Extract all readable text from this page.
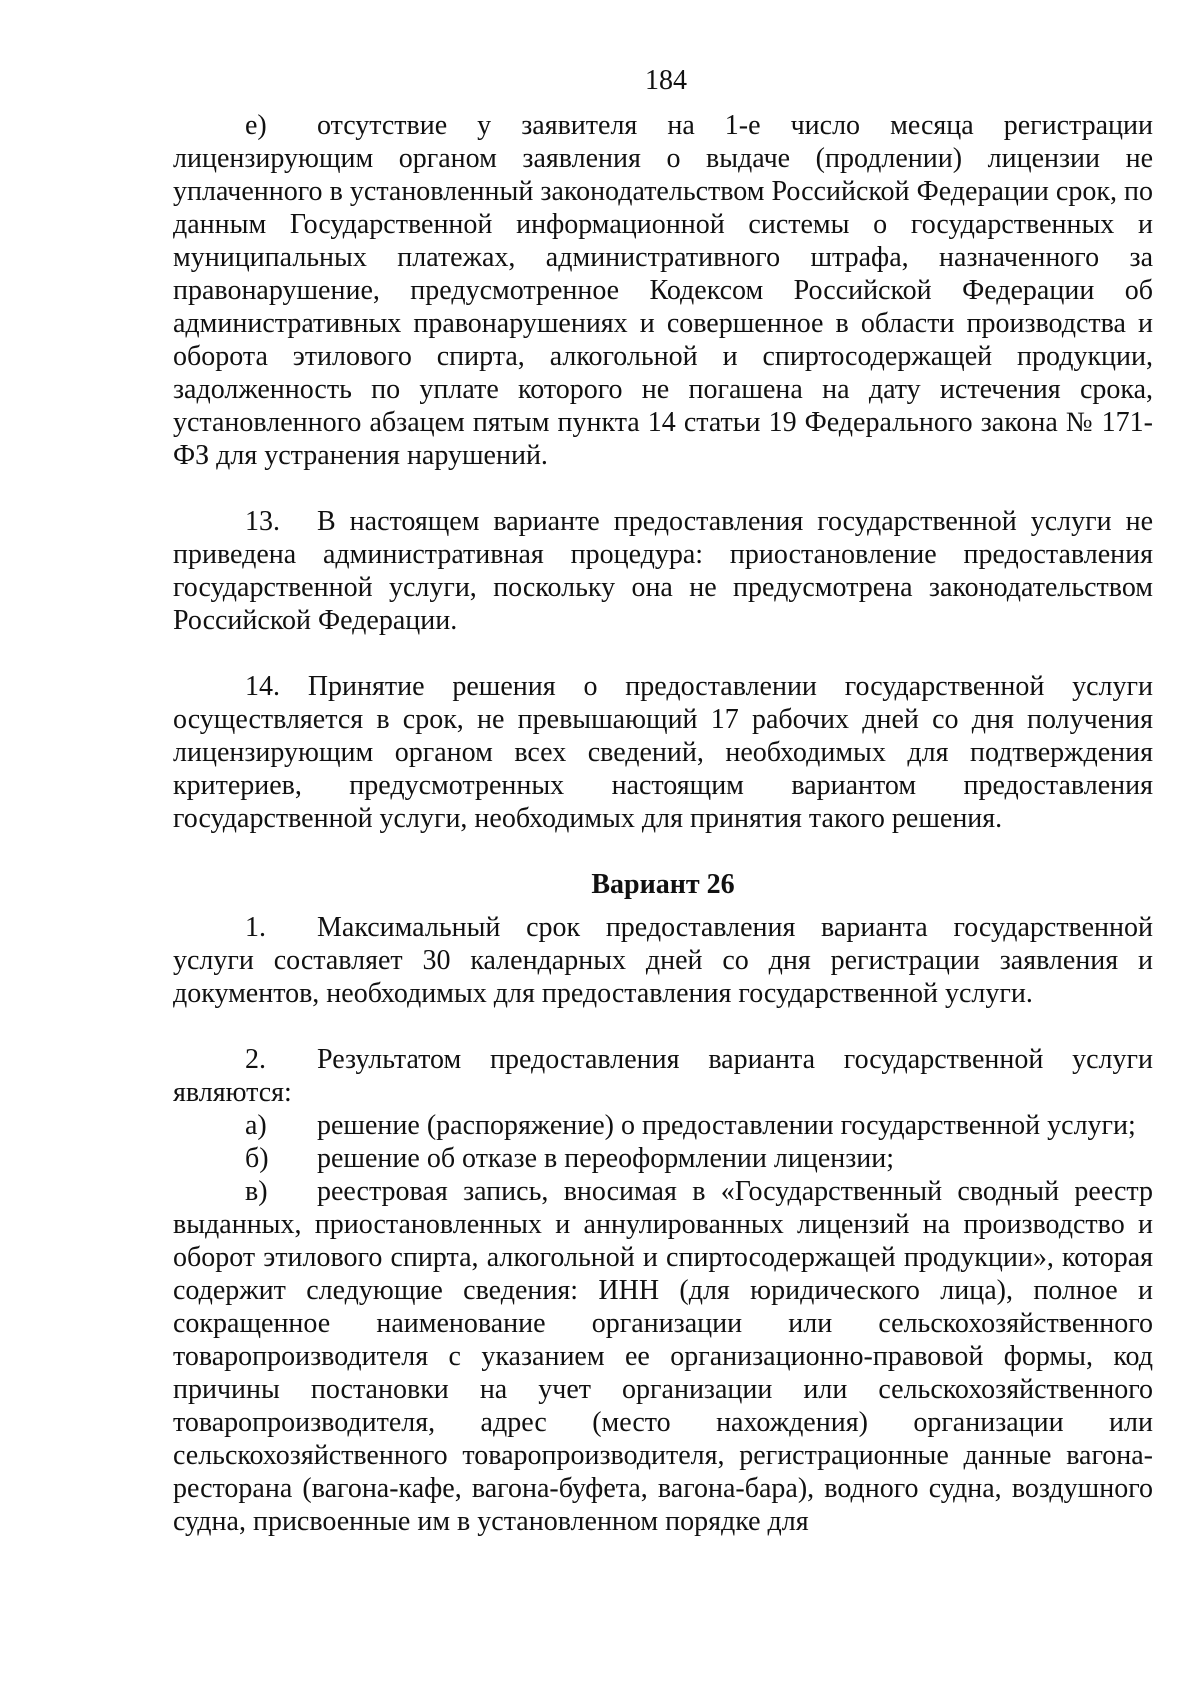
184

е) отсутствие у заявителя на 1-е число месяца регистрации лицензирующим органом заявления о выдаче (продлении) лицензии не уплаченного в установленный законодательством Российской Федерации срок, по данным Государственной информационной системы о государственных и муниципальных платежах, административного штрафа, назначенного за правонарушение, предусмотренное Кодексом Российской Федерации об административных правонарушениях и совершенное в области производства и оборота этилового спирта, алкогольной и спиртосодержащей продукции, задолженность по уплате которого не погашена на дату истечения срока, установленного абзацем пятым пункта 14 статьи 19 Федерального закона № 171-ФЗ для устранения нарушений.

13. В настоящем варианте предоставления государственной услуги не приведена административная процедура: приостановление предоставления государственной услуги, поскольку она не предусмотрена законодательством Российской Федерации.

14. Принятие решения о предоставлении государственной услуги осуществляется в срок, не превышающий 17 рабочих дней со дня получения лицензирующим органом всех сведений, необходимых для подтверждения критериев, предусмотренных настоящим вариантом предоставления государственной услуги, необходимых для принятия такого решения.

Вариант 26

1. Максимальный срок предоставления варианта государственной услуги составляет 30 календарных дней со дня регистрации заявления и документов, необходимых для предоставления государственной услуги.

2. Результатом предоставления варианта государственной услуги являются:

а) решение (распоряжение) о предоставлении государственной услуги;

б) решение об отказе в переоформлении лицензии;

в) реестровая запись, вносимая в «Государственный сводный реестр выданных, приостановленных и аннулированных лицензий на производство и оборот этилового спирта, алкогольной и спиртосодержащей продукции», которая содержит следующие сведения: ИНН (для юридического лица), полное и сокращенное наименование организации или сельскохозяйственного товаропроизводителя с указанием ее организационно-правовой формы, код причины постановки на учет организации или сельскохозяйственного товаропроизводителя, адрес (место нахождения) организации или сельскохозяйственного товаропроизводителя, регистрационные данные вагона-ресторана (вагона-кафе, вагона-буфета, вагона-бара), водного судна, воздушного судна, присвоенные им в установленном порядке для
